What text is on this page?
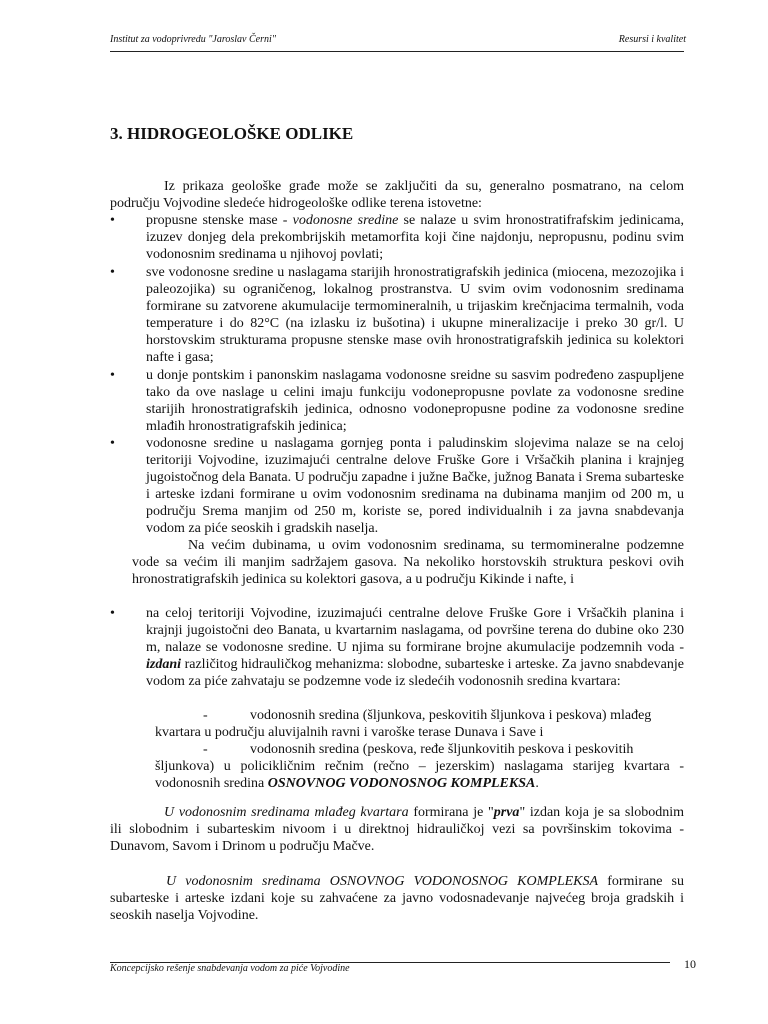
Institut za vodoprivredu "Jaroslav Černi"	Resursi i kvalitet
3. HIDROGEOLOŠKE ODLIKE

Iz prikaza geološke građe može se zaključiti da su, generalno posmatrano, na celom području Vojvodine sledeće hidrogeološke odlike terena istovetne:

• propusne stenske mase - vodonosne sredine se nalaze u svim hronostratifrafskim jedinicama, izuzev donjeg dela prekombrijskih metamorfita koji čine najdonju, nepropusnu, podinu svim vodonosnim sredinama u njihovoj povlati;
• sve vodonosne sredine u naslagama starijih hronostratigrafskih jedinica (miocena, mezozojika i paleozojika) su ograničenog, lokalnog prostranstva. U svim ovim vodonosnim sredinama formirane su zatvorene akumulacije termomineralnih, u trijaskim krečnjacima termalnih, voda temperature i do 82°C (na izlasku iz bušotina) i ukupne mineralizacije i preko 30 gr/l. U horstovskim strukturama propusne stenske mase ovih hronostratigrafskih jedinica su kolektori nafte i gasa;
• u donje pontskim i panonskim naslagama vodonosne sreidne su sasvim podređeno zaspupljene tako da ove naslage u celini imaju funkciju vodonepropusne povlate za vodonosne sredine starijih hronostratigrafskih jedinica, odnosno vodonepropusne podine za vodonosne sredine mlađih hronostratigrafskih jedinica;
• vodonosne sredine u naslagama gornjeg ponta i paludinskim slojevima nalaze se na celoj teritoriji Vojvodine, izuzimajući centralne delove Fruške Gore i Vršačkih planina i krajnjeg jugoistočnog dela Banata. U području zapadne i južne Bačke, južnog Banata i Srema subarteske i arteske izdani formirane u ovim vodonosnim sredinama na dubinama manjim od 200 m, u području Srema manjim od 250 m, koriste se, pored individualnih i za javna snabdevanja vodom za piće seoskih i gradskih naselja.

Na većim dubinama, u ovim vodonosnim sredinama, su termomineralne podzemne vode sa većim ili manjim sadržajem gasova. Na nekoliko horstovskih struktura peskovi ovih hronostratigrafskih jedinica su kolektori gasova, a u području Kikinde i nafte, i

• na celoj teritoriji Vojvodine, izuzimajući centralne delove Fruške Gore i Vršačkih planina i krajnji jugoistočni deo Banata, u kvartarnim naslagama, od površine terena do dubine oko 230 m, nalaze se vodonosne sredine. U njima su formirane brojne akumulacije podzemnih voda - izdani različitog hidrauličkog mehanizma: slobodne, subarteske i arteske. Za javno snabdevanje vodom za piće zahvataju se podzemne vode iz sledećih vodonosnih sredina kvartara:
-	vodonosnih sredina (šljunkova, peskovitih šljunkova i peskova) mlađeg
kvartara u području aluvijalnih ravni i varoške terase Dunava i Save i
-	vodonosnih sredina (peskova, ređe šljunkovitih peskova i peskovitih
šljunkova) u policikličnim rečnim (rečno – jezerskim) naslagama starijeg kvartara - vodonosnih sredina OSNOVNOG VODONOSNOG KOMPLEKSA.

U vodonosnim sredinama mlađeg kvartara formirana je "prva" izdan koja je sa slobodnim ili slobodnim i subarteskim nivoom i u direktnoj hidrauličkoj vezi sa površinskim tokovima - Dunavom, Savom i Drinom u području Mačve.

U vodonosnim sredinama OSNOVNOG VODONOSNOG KOMPLEKSA formirane su subarteske i arteske izdani koje su zahvaćene za javno vodosnadevanje najvećeg broja gradskih i seoskih naselja Vojvodine.

10
Koncepcijsko rešenje snabdevanja vodom za piće Vojvodine
